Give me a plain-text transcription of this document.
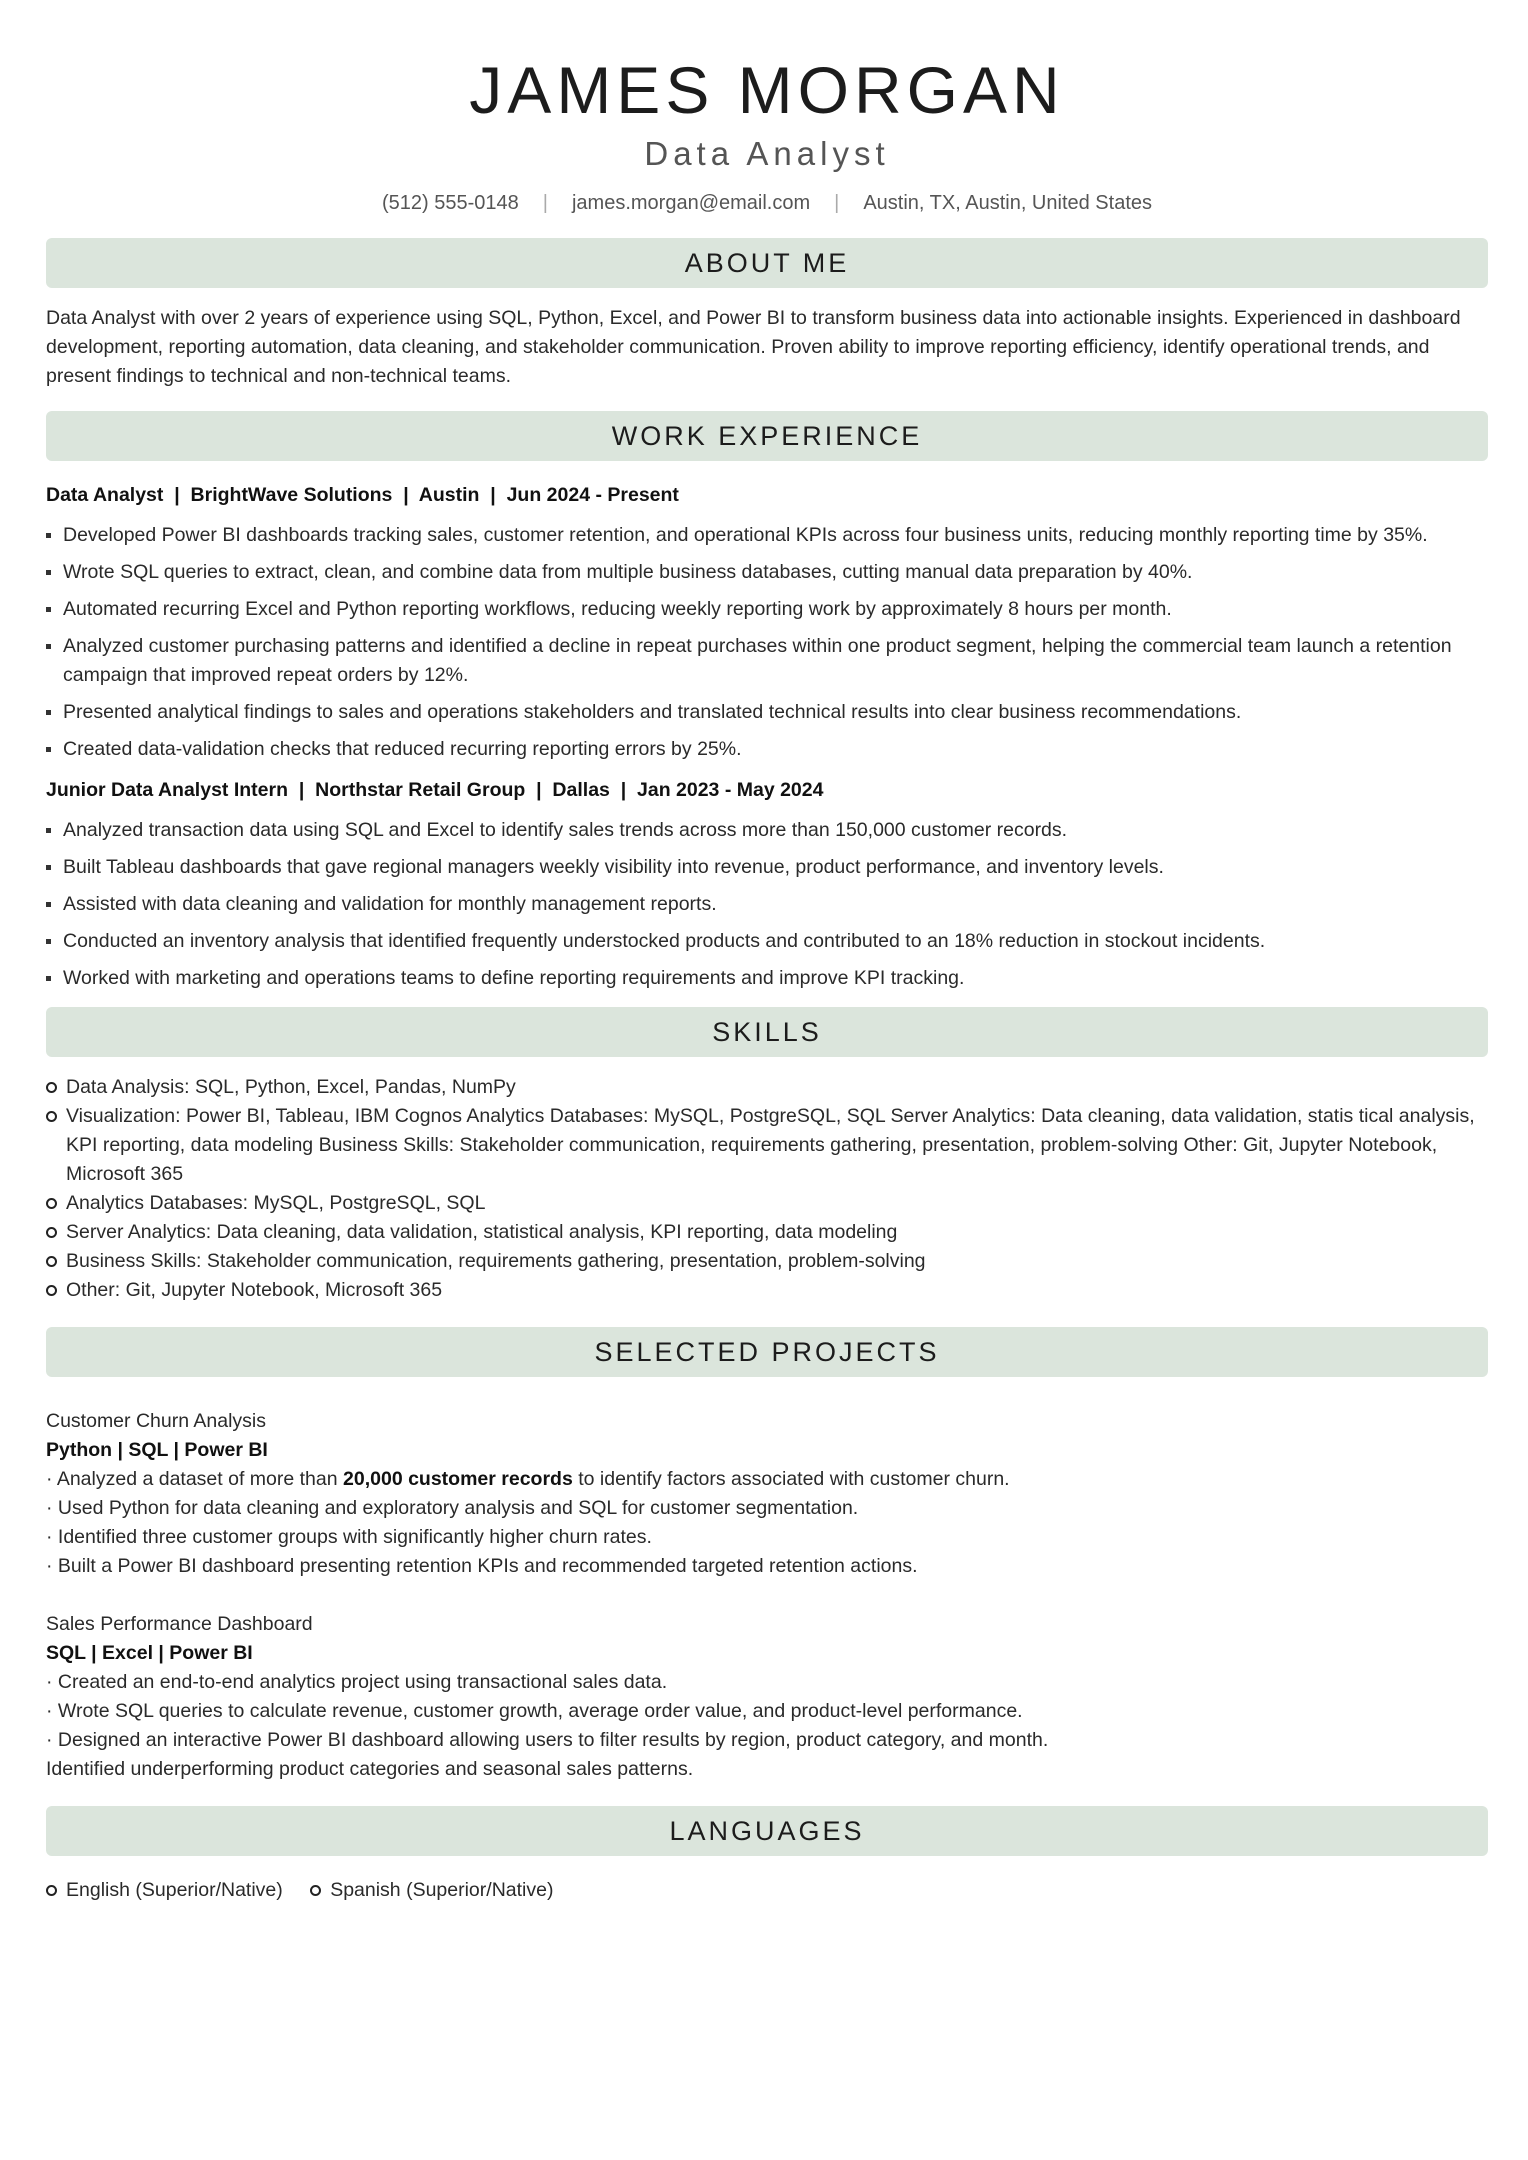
JAMES MORGAN
Data Analyst
(512) 555-0148 | james.morgan@email.com | Austin, TX, Austin, United States
ABOUT ME
Data Analyst with over 2 years of experience using SQL, Python, Excel, and Power BI to transform business data into actionable insights. Experienced in dashboard development, reporting automation, data cleaning, and stakeholder communication. Proven ability to improve reporting efficiency, identify operational trends, and present findings to technical and non-technical teams.
WORK EXPERIENCE
Data Analyst  |  BrightWave Solutions  |  Austin  |  Jun 2024 - Present
Developed Power BI dashboards tracking sales, customer retention, and operational KPIs across four business units, reducing monthly reporting time by 35%.
Wrote SQL queries to extract, clean, and combine data from multiple business databases, cutting manual data preparation by 40%.
Automated recurring Excel and Python reporting workflows, reducing weekly reporting work by approximately 8 hours per month.
Analyzed customer purchasing patterns and identified a decline in repeat purchases within one product segment, helping the commercial team launch a retention campaign that improved repeat orders by 12%.
Presented analytical findings to sales and operations stakeholders and translated technical results into clear business recommendations.
Created data-validation checks that reduced recurring reporting errors by 25%.
Junior Data Analyst Intern  |  Northstar Retail Group  |  Dallas  |  Jan 2023 - May 2024
Analyzed transaction data using SQL and Excel to identify sales trends across more than 150,000 customer records.
Built Tableau dashboards that gave regional managers weekly visibility into revenue, product performance, and inventory levels.
Assisted with data cleaning and validation for monthly management reports.
Conducted an inventory analysis that identified frequently understocked products and contributed to an 18% reduction in stockout incidents.
Worked with marketing and operations teams to define reporting requirements and improve KPI tracking.
SKILLS
Data Analysis: SQL, Python, Excel, Pandas, NumPy
Visualization: Power BI, Tableau, IBM Cognos Analytics Databases: MySQL, PostgreSQL, SQL Server Analytics: Data cleaning, data validation, statis tical analysis, KPI reporting, data modeling Business Skills: Stakeholder communication, requirements gathering, presentation, problem-solving Other: Git, Jupyter Notebook, Microsoft 365
Analytics Databases: MySQL, PostgreSQL, SQL
Server Analytics: Data cleaning, data validation, statistical analysis, KPI reporting, data modeling
Business Skills: Stakeholder communication, requirements gathering, presentation, problem-solving
Other: Git, Jupyter Notebook, Microsoft 365
SELECTED PROJECTS
Customer Churn Analysis
Python | SQL | Power BI
· Analyzed a dataset of more than 20,000 customer records to identify factors associated with customer churn.
· Used Python for data cleaning and exploratory analysis and SQL for customer segmentation.
· Identified three customer groups with significantly higher churn rates.
· Built a Power BI dashboard presenting retention KPIs and recommended targeted retention actions.
Sales Performance Dashboard
SQL | Excel | Power BI
· Created an end-to-end analytics project using transactional sales data.
· Wrote SQL queries to calculate revenue, customer growth, average order value, and product-level performance.
· Designed an interactive Power BI dashboard allowing users to filter results by region, product category, and month.
Identified underperforming product categories and seasonal sales patterns.
LANGUAGES
English (Superior/Native) Spanish (Superior/Native)
